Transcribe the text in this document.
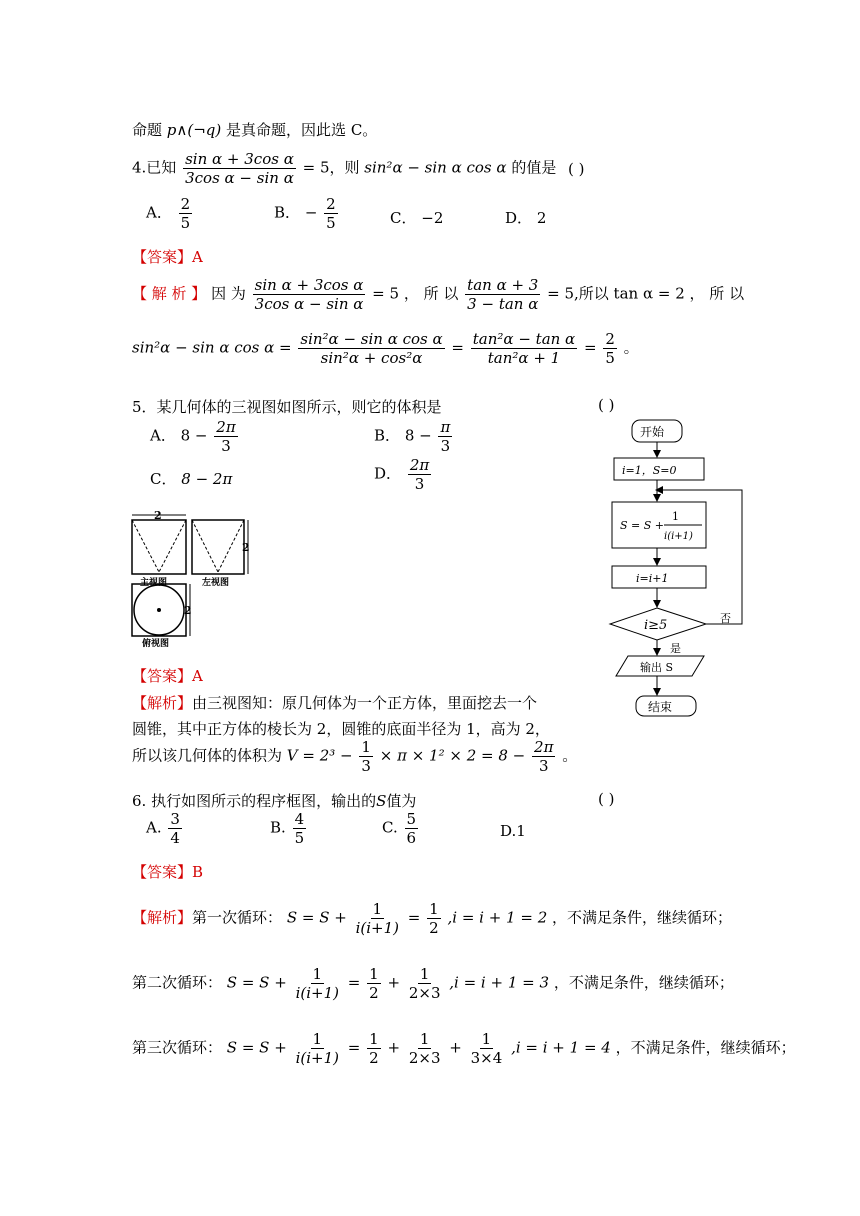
命题 p∧(¬q) 是真命题，因此选 C。
4.已知 $\frac{\text{sin α + 3cos α}}{\text{3cos α − sin α}} = 5$，则 sin²α − sin α cos α 的值是 ( )
A． $\frac{2}{5}$	B． − $\frac{2}{5}$	C． −2	D． 2
【答案】A
【 解 析 】 因 为 $\frac{\text{sin α + 3cos α}}{\text{3cos α − sin α}} = 5$ ， 所 以 $\frac{\text{tan α + 3}}{\text{3 − tan α}} = 5$,所以 tan α = 2 ， 所 以
sin²α − sin α $\cos \alpha = \frac{\text{sin²α − sin α cos α}}{\text{sin²α + cos²α}} = \frac{\text{tan²α − tan α}}{\text{tan²α + 1}} = \frac{2}{5}$ 。
5．某几何体的三视图如图所示，则它的体积是	( )
A． $8 - \frac{2\pi}{3}$	B． $8 - \frac{\pi}{3}$
C． 8 − 2π	D． $\frac{2\pi}{3}$
2
主视图
2
左视图
2
俯视图
开始
i=1，S=0
S = S +
1
i(i+1)
i=i+1
i≥5	否
是
输出 S
结束
【答案】A
【解析】由三视图知：原几何体为一个正方体，里面挖去一个
圆锥，其中正方体的棱长为 2，圆锥的底面半径为 1，高为 2，
所以该几何体的体积为 $V = 2^3 - \frac{1}{3} \times \pi \times 1^2 \times 2 = 8 - \frac{2\pi}{3}$ 。
6. 执行如图所示的程序框图，输出的S值为	( )
A. $\frac{3}{4}$	B. $\frac{4}{5}$	C. $\frac{5}{6}$	D.1
【答案】B
【解析】第一次循环： $S = S + \frac{1}{i(i+1)} = \frac{1}{2} ,i = i + 1 = 2$ ，不满足条件，继续循环；
第二次循环： $S = S + \frac{1}{i(i+1)} = \frac{1}{2} + \frac{1}{2\times 3} ,i = i + 1 = 3$ ，不满足条件，继续循环；
第三次循环： $S = S + \frac{1}{i(i+1)} = \frac{1}{2} + \frac{1}{2\times 3} + \frac{1}{3\times 4} ,i = i + 1 = 4$ ，不满足条件，继续循环；
